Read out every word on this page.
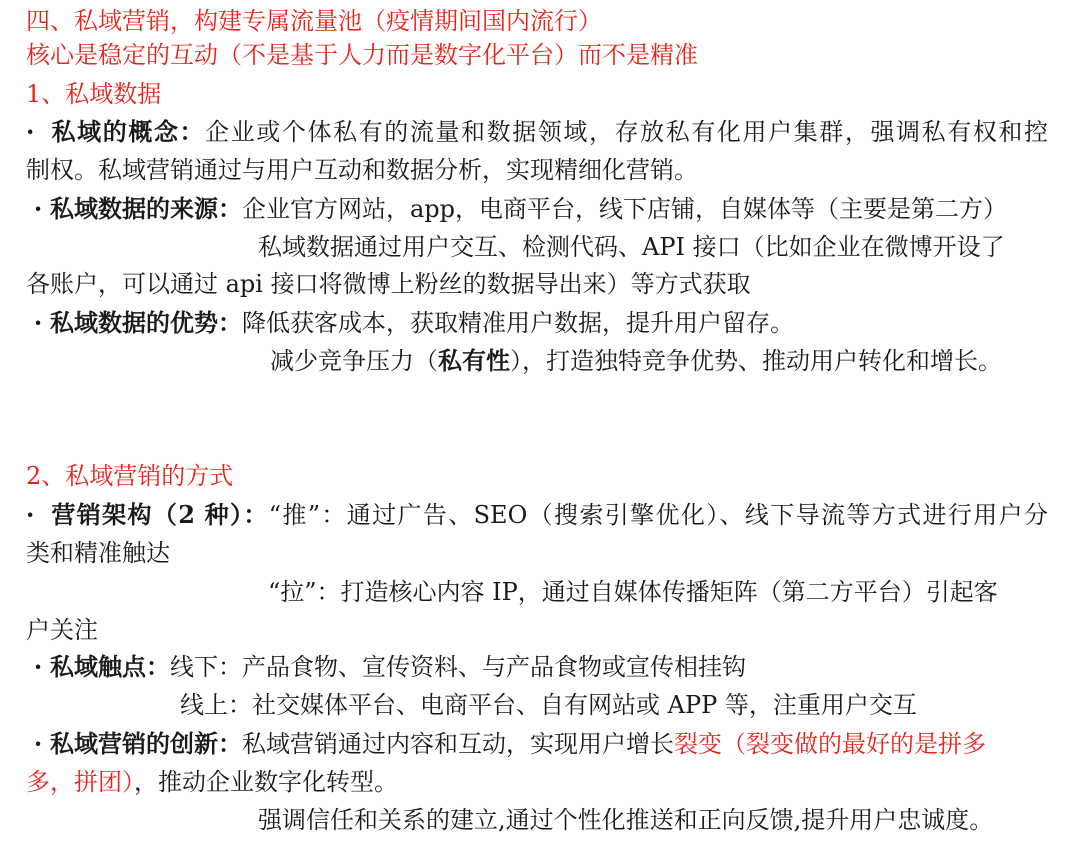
四、私域营销，构建专属流量池（疫情期间国内流行）
核心是稳定的互动（不是基于人力而是数字化平台）而不是精准
1、私域数据
· 私域的概念：企业或个体私有的流量和数据领域，存放私有化用户集群，强调私有权和控
制权。私域营销通过与用户互动和数据分析，实现精细化营销。
· 私域数据的来源：企业官方网站，app，电商平台，线下店铺，自媒体等（主要是第二方）
私域数据通过用户交互、检测代码、API 接口（比如企业在微博开设了
各账户，可以通过 api 接口将微博上粉丝的数据导出来）等方式获取
· 私域数据的优势：降低获客成本，获取精准用户数据，提升用户留存。
减少竞争压力（私有性），打造独特竞争优势、推动用户转化和增长。
2、私域营销的方式
· 营销架构（2 种）：“推”：通过广告、SEO（搜索引擎优化）、线下导流等方式进行用户分
类和精准触达
“拉”：打造核心内容 IP，通过自媒体传播矩阵（第二方平台）引起客
户关注
· 私域触点：线下：产品食物、宣传资料、与产品食物或宣传相挂钩
线上：社交媒体平台、电商平台、自有网站或 APP 等，注重用户交互
· 私域营销的创新：私域营销通过内容和互动，实现用户增长裂变（裂变做的最好的是拼多
多，拼团），推动企业数字化转型。
强调信任和关系的建立,通过个性化推送和正向反馈,提升用户忠诚度。
